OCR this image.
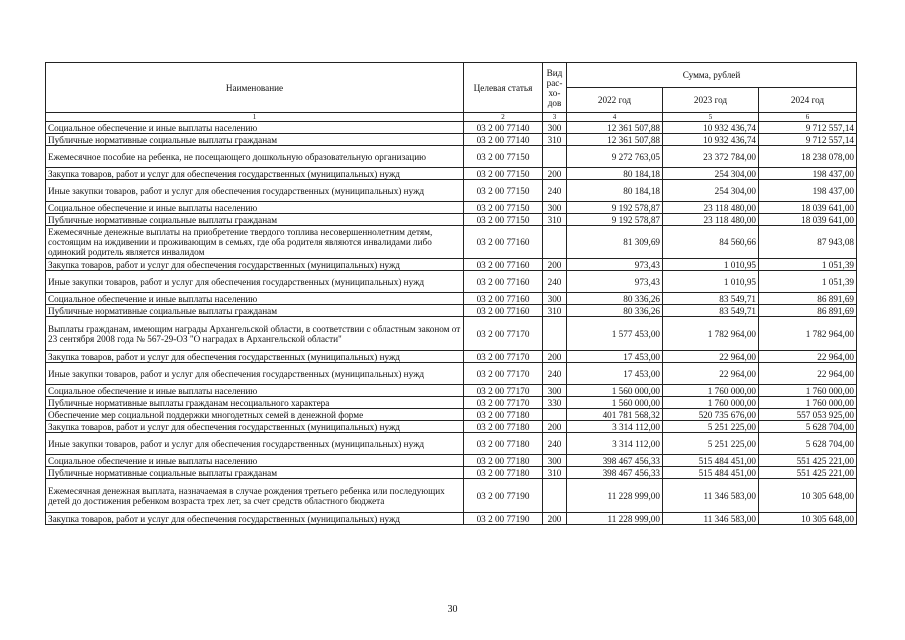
Наименование	Целевая статья	Вид рас- хо- дов	Сумма, рублей		
			2022 год	2023 год	2024 год
1	2	3	4	5	6
Социальное обеспечение и иные выплаты населению	03 2 00 77140	300	12 361 507,88	10 932 436,74	9 712 557,14
Публичные нормативные социальные выплаты гражданам	03 2 00 77140	310	12 361 507,88	10 932 436,74	9 712 557,14
Ежемесячное пособие на ребенка, не посещающего дошкольную образовательную организацию	03 2 00 77150		9 272 763,05	23 372 784,00	18 238 078,00
Закупка товаров, работ и услуг для обеспечения государственных (муниципальных) нужд	03 2 00 77150	200	80 184,18	254 304,00	198 437,00
Иные закупки товаров, работ и услуг для обеспечения государственных (муниципальных) нужд	03 2 00 77150	240	80 184,18	254 304,00	198 437,00
Социальное обеспечение и иные выплаты населению	03 2 00 77150	300	9 192 578,87	23 118 480,00	18 039 641,00
Публичные нормативные социальные выплаты гражданам	03 2 00 77150	310	9 192 578,87	23 118 480,00	18 039 641,00
Ежемесячные денежные выплаты на приобретение твердого топлива несовершеннолетним детям, состоящим на иждивении и проживающим в семьях, где оба родителя являются инвалидами либо одинокий родитель является инвалидом	03 2 00 77160		81 309,69	84 560,66	87 943,08
Закупка товаров, работ и услуг для обеспечения государственных (муниципальных) нужд	03 2 00 77160	200	973,43	1 010,95	1 051,39
Иные закупки товаров, работ и услуг для обеспечения государственных (муниципальных) нужд	03 2 00 77160	240	973,43	1 010,95	1 051,39
Социальное обеспечение и иные выплаты населению	03 2 00 77160	300	80 336,26	83 549,71	86 891,69
Публичные нормативные социальные выплаты гражданам	03 2 00 77160	310	80 336,26	83 549,71	86 891,69
Выплаты гражданам, имеющим награды Архангельской области, в соответствии с областным законом от 23 сентября 2008 года № 567-29-ОЗ "О наградах в Архангельской области"	03 2 00 77170		1 577 453,00	1 782 964,00	1 782 964,00
Закупка товаров, работ и услуг для обеспечения государственных (муниципальных) нужд	03 2 00 77170	200	17 453,00	22 964,00	22 964,00
Иные закупки товаров, работ и услуг для обеспечения государственных (муниципальных) нужд	03 2 00 77170	240	17 453,00	22 964,00	22 964,00
Социальное обеспечение и иные выплаты населению	03 2 00 77170	300	1 560 000,00	1 760 000,00	1 760 000,00
Публичные нормативные выплаты гражданам несоциального характера	03 2 00 77170	330	1 560 000,00	1 760 000,00	1 760 000,00
Обеспечение мер социальной поддержки многодетных семей в денежной форме	03 2 00 77180		401 781 568,32	520 735 676,00	557 053 925,00
Закупка товаров, работ и услуг для обеспечения государственных (муниципальных) нужд	03 2 00 77180	200	3 314 112,00	5 251 225,00	5 628 704,00
Иные закупки товаров, работ и услуг для обеспечения государственных (муниципальных) нужд	03 2 00 77180	240	3 314 112,00	5 251 225,00	5 628 704,00
Социальное обеспечение и иные выплаты населению	03 2 00 77180	300	398 467 456,33	515 484 451,00	551 425 221,00
Публичные нормативные социальные выплаты гражданам	03 2 00 77180	310	398 467 456,33	515 484 451,00	551 425 221,00
Ежемесячная денежная выплата, назначаемая в случае рождения третьего ребенка или последующих детей до достижения ребенком возраста трех лет, за счет средств областного бюджета	03 2 00 77190		11 228 999,00	11 346 583,00	10 305 648,00
Закупка товаров, работ и услуг для обеспечения государственных (муниципальных) нужд	03 2 00 77190	200	11 228 999,00	11 346 583,00	10 305 648,00
30
